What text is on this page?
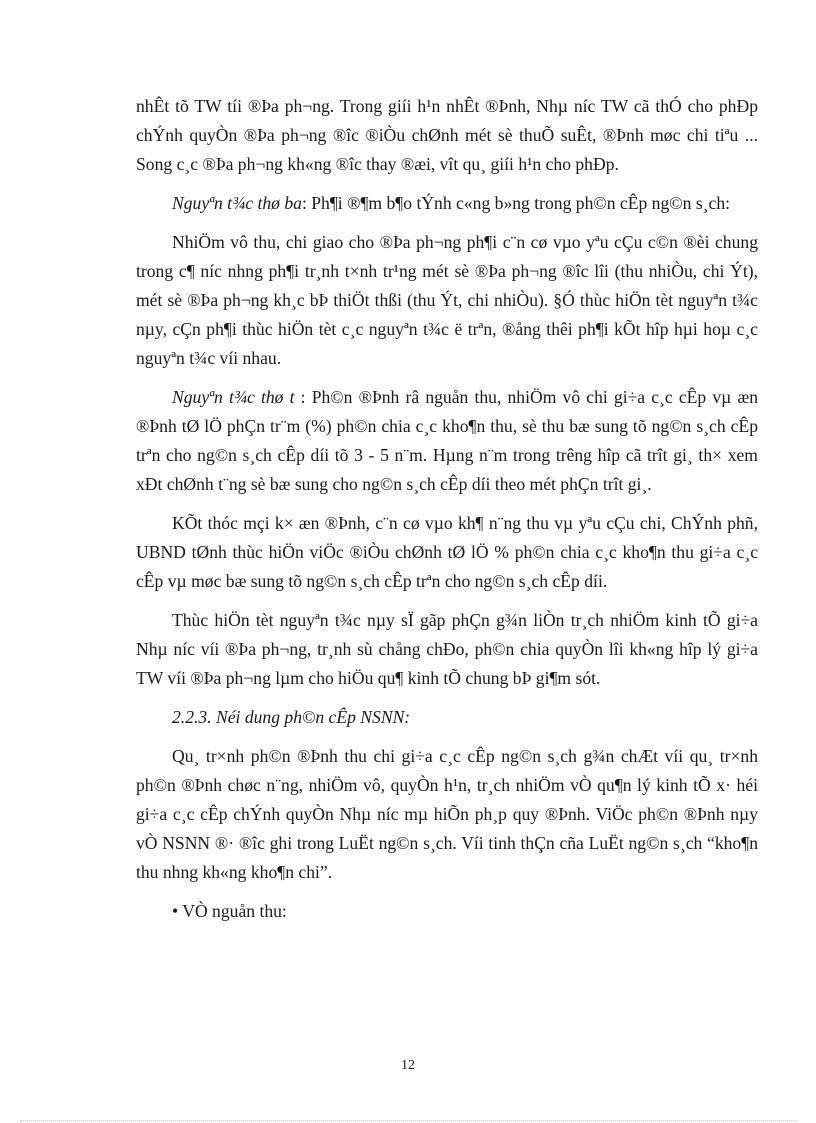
nhÊt tõ TW tíi ®Þa ph¬ng. Trong giíi h¹n nhÊt ®Þnh, Nhµ níc TW cã thÓ cho phÐp chÝnh quyÒn ®Þa ph¬ng ®îc ®iÒu chØnh mét sè thuÕ suÊt, ®Þnh møc chi tiªu ... Song c¸c ®Þa ph¬ng kh«ng ®îc thay ®æi, vît qu¸ giíi h¹n cho phÐp.

Nguyªn t¾c thø ba: Ph¶i ®¶m b¶o tÝnh c«ng b»ng trong ph©n cÊp ng©n s¸ch:

NhiÖm vô thu, chi giao cho ®Þa ph¬ng ph¶i c¨n cø vµo yªu cÇu c©n ®èi chung trong c¶ níc nhng ph¶i tr¸nh t×nh tr¹ng mét sè ®Þa ph¬ng ®îc lîi (thu nhiÒu, chi Ýt), mét sè ®Þa ph¬ng kh¸c bÞ thiÖt thßi (thu Ýt, chi nhiÒu). §Ó thùc hiÖn tèt nguyªn t¾c nµy, cÇn ph¶i thùc hiÖn tèt c¸c nguyªn t¾c ë trªn, ®ång thêi ph¶i kÕt hîp hµi hoµ c¸c nguyªn t¾c víi nhau.

Nguyªn t¾c thø t : Ph©n ®Þnh râ nguån thu, nhiÖm vô chi gi÷a c¸c cÊp vµ æn ®Þnh tØ lÖ phÇn tr¨m (%) ph©n chia c¸c kho¶n thu, sè thu bæ sung tõ ng©n s¸ch cÊp trªn cho ng©n s¸ch cÊp díi tõ 3 - 5 n¨m. Hµng n¨m trong trêng hîp cã trît gi¸ th× xem xÐt chØnh t¨ng sè bæ sung cho ng©n s¸ch cÊp díi theo mét phÇn trît gi¸.

KÕt thóc mçi k× æn ®Þnh, c¨n cø vµo kh¶ n¨ng thu vµ yªu cÇu chi, ChÝnh phñ, UBND tØnh thùc hiÖn viÖc ®iÒu chØnh tØ lÖ % ph©n chia c¸c kho¶n thu gi÷a c¸c cÊp vµ møc bæ sung tõ ng©n s¸ch cÊp trªn cho ng©n s¸ch cÊp díi.

Thùc hiÖn tèt nguyªn t¾c nµy sÏ gãp phÇn g¾n liÒn tr¸ch nhiÖm kinh tÕ gi÷a Nhµ níc víi ®Þa ph¬ng, tr¸nh sù chång chÐo, ph©n chia quyÒn lîi kh«ng hîp lý gi÷a TW víi ®Þa ph¬ng lµm cho hiÖu qu¶ kinh tÕ chung bÞ gi¶m sót.

2.2.3. Néi dung ph©n cÊp NSNN:

Qu¸ tr×nh ph©n ®Þnh thu chi gi÷a c¸c cÊp ng©n s¸ch g¾n chÆt víi qu¸ tr×nh ph©n ®Þnh chøc n¨ng, nhiÖm vô, quyÒn h¹n, tr¸ch nhiÖm vÒ qu¶n lý kinh tÕ x· héi gi÷a c¸c cÊp chÝnh quyÒn Nhµ níc mµ hiÕn ph¸p quy ®Þnh. ViÖc ph©n ®Þnh nµy vÒ NSNN ®· ®îc ghi trong LuËt ng©n s¸ch. Víi tinh thÇn cña LuËt ng©n s¸ch “kho¶n thu nhng kh«ng kho¶n chi”.

• VÒ nguån thu:
12
